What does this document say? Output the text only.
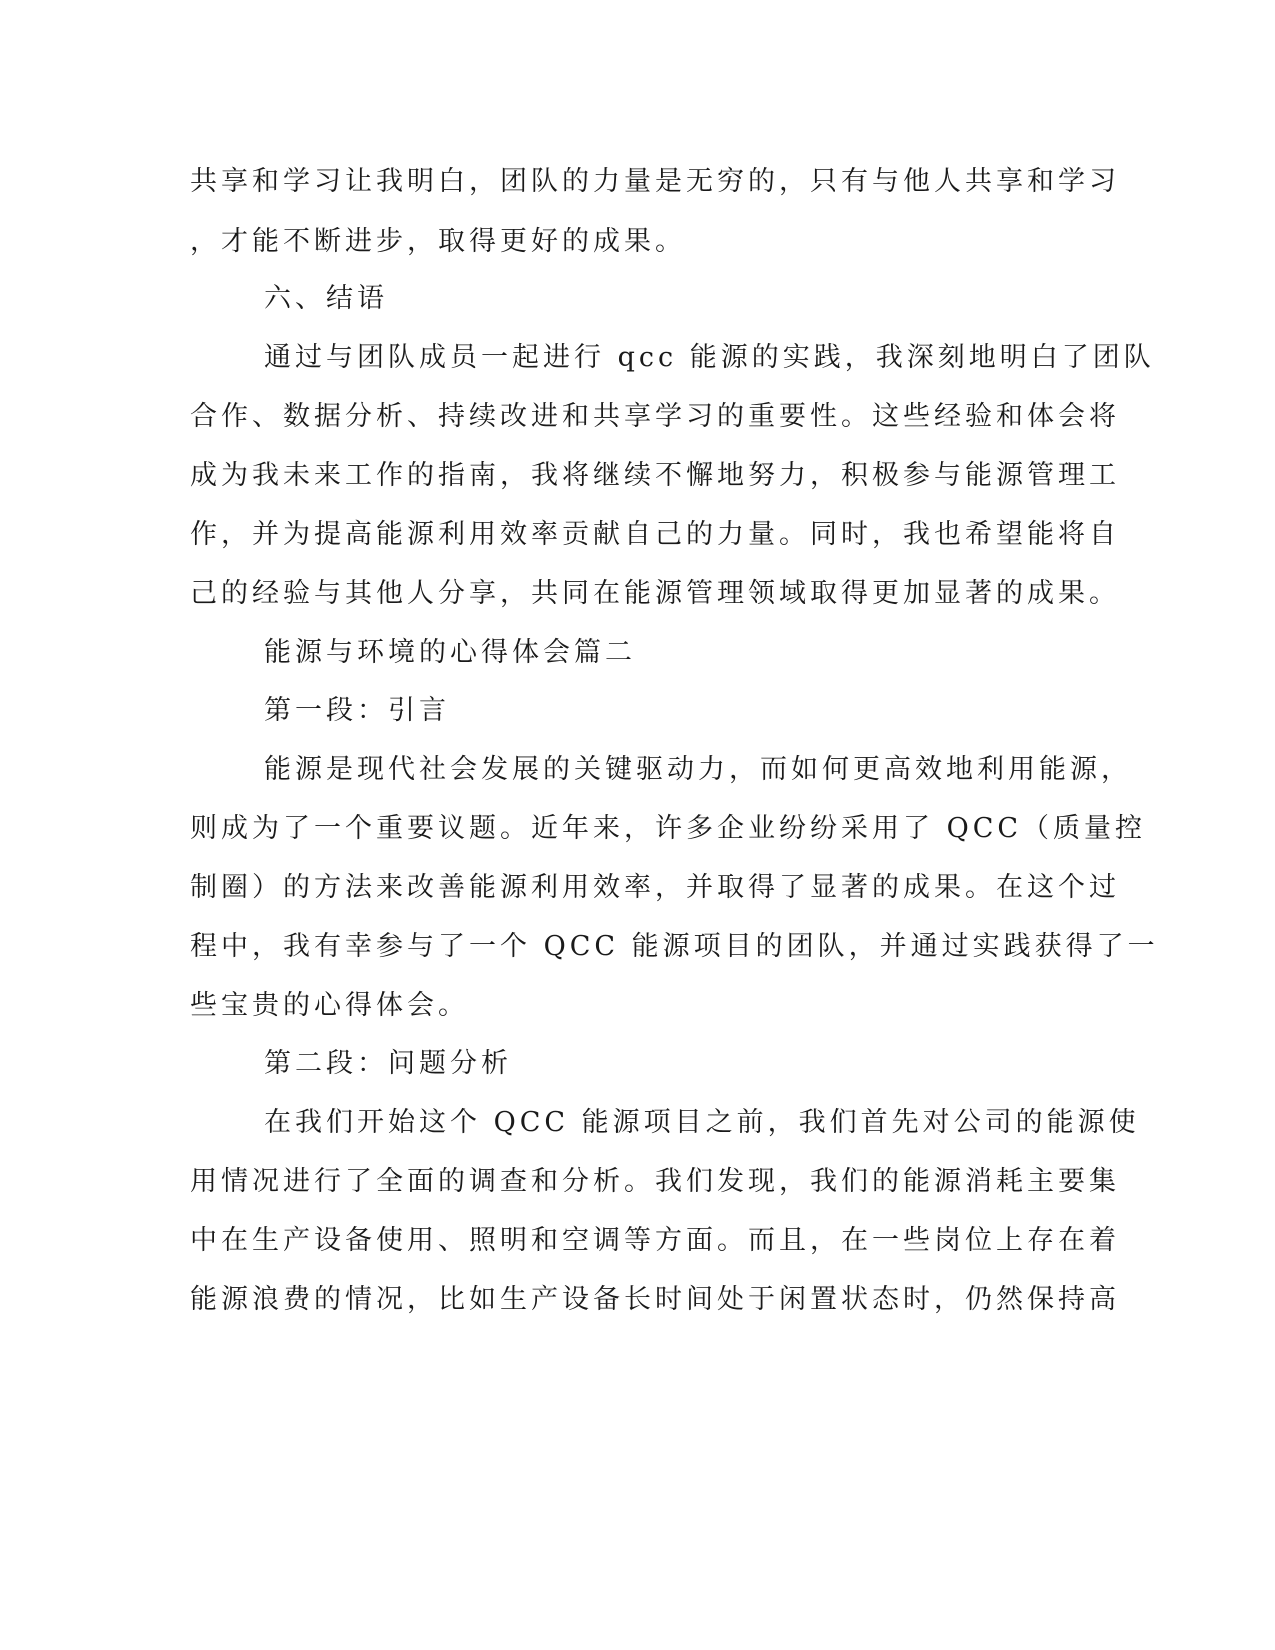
共享和学习让我明白，团队的力量是无穷的，只有与他人共享和学习
，才能不断进步，取得更好的成果。
六、结语
通过与团队成员一起进行 qcc 能源的实践，我深刻地明白了团队
合作、数据分析、持续改进和共享学习的重要性。这些经验和体会将
成为我未来工作的指南，我将继续不懈地努力，积极参与能源管理工
作，并为提高能源利用效率贡献自己的力量。同时，我也希望能将自
己的经验与其他人分享，共同在能源管理领域取得更加显著的成果。
能源与环境的心得体会篇二
第一段：引言
能源是现代社会发展的关键驱动力，而如何更高效地利用能源，
则成为了一个重要议题。近年来，许多企业纷纷采用了 QCC（质量控
制圈）的方法来改善能源利用效率，并取得了显著的成果。在这个过
程中，我有幸参与了一个 QCC 能源项目的团队，并通过实践获得了一
些宝贵的心得体会。
第二段：问题分析
在我们开始这个 QCC 能源项目之前，我们首先对公司的能源使
用情况进行了全面的调查和分析。我们发现，我们的能源消耗主要集
中在生产设备使用、照明和空调等方面。而且，在一些岗位上存在着
能源浪费的情况，比如生产设备长时间处于闲置状态时，仍然保持高
